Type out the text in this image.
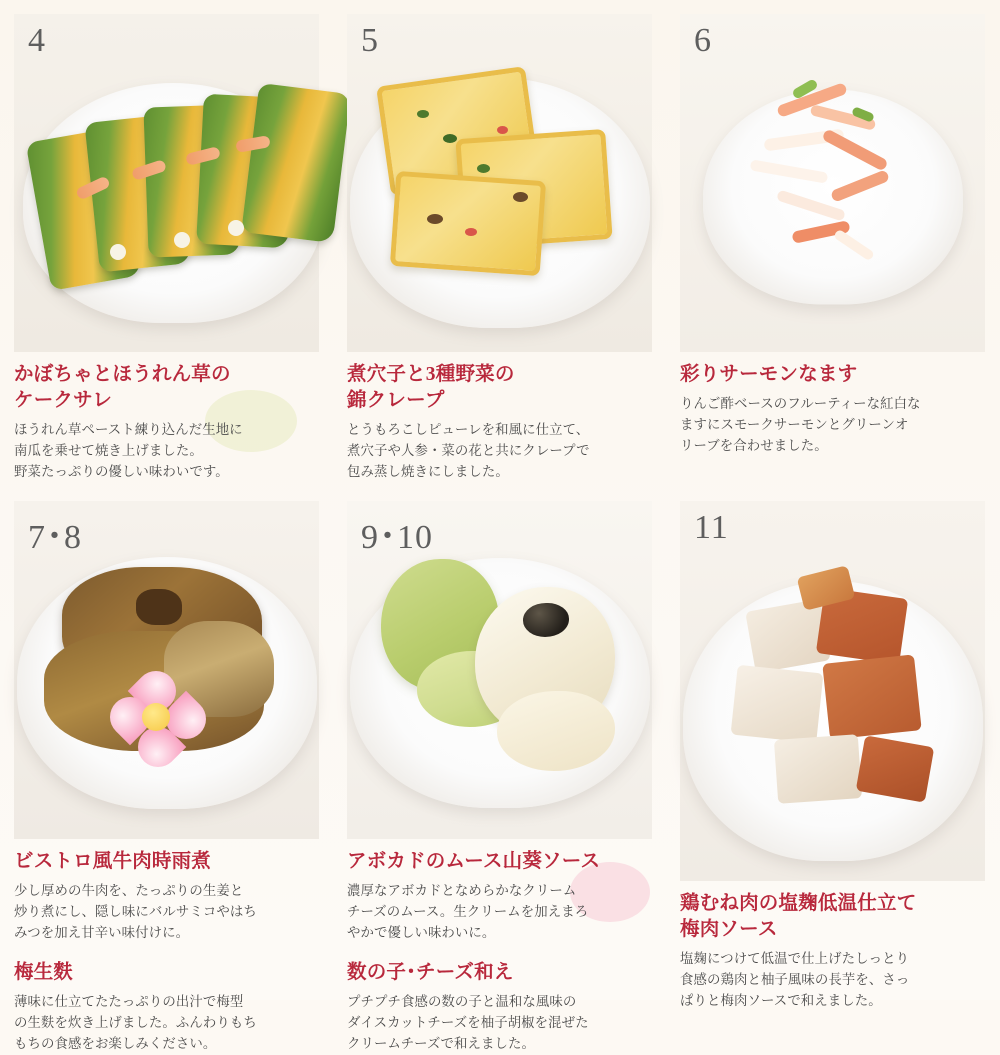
4
かぼちゃとほうれん草の
ケークサレ

ほうれん草ペースト練り込んだ生地に
南瓜を乗せて焼き上げました。
野菜たっぷりの優しい味わいです。

5
煮穴子と3種野菜の
錦クレープ

とうもろこしピューレを和風に仕立て、
煮穴子や人参・菜の花と共にクレープで
包み蒸し焼きにしました。

6
彩りサーモンなます

りんご酢ベースのフルーティーな紅白な
ますにスモークサーモンとグリーンオ
リーブを合わせました。

7･8
ビストロ風牛肉時雨煮

少し厚めの牛肉を、たっぷりの生姜と
炒り煮にし、隠し味にバルサミコやはち
みつを加え甘辛い味付けに。

梅生麩

薄味に仕立てたたっぷりの出汁で梅型
の生麩を炊き上げました。ふんわりもち
もちの食感をお楽しみください。

9･10
アボカドのムース山葵ソース

濃厚なアボカドとなめらかなクリーム
チーズのムース。生クリームを加えまろ
やかで優しい味わいに。

数の子･チーズ和え

プチプチ食感の数の子と温和な風味の
ダイスカットチーズを柚子胡椒を混ぜた
クリームチーズで和えました。

11
鶏むね肉の塩麹低温仕立て
梅肉ソース

塩麹につけて低温で仕上げたしっとり
食感の鶏肉と柚子風味の長芋を、さっ
ぱりと梅肉ソースで和えました。
